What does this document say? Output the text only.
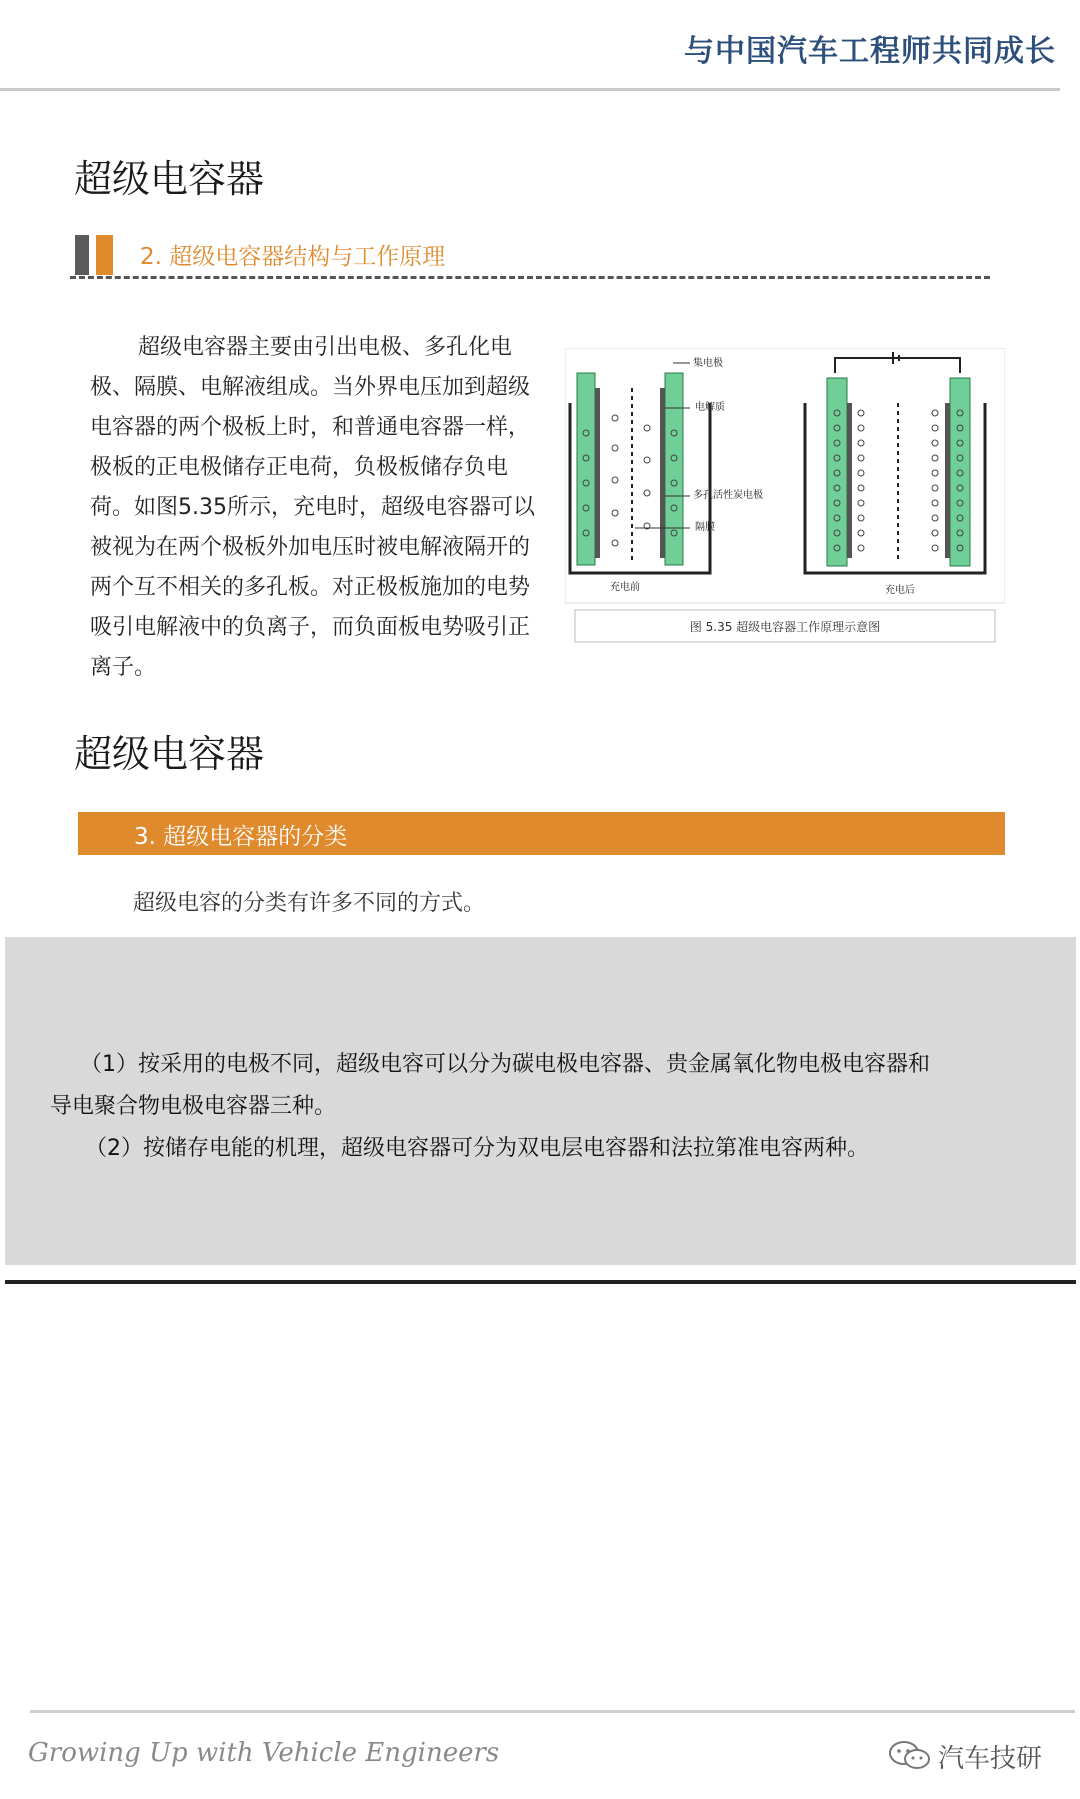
与中国汽车工程师共同成长
超级电容器
2. 超级电容器结构与工作原理
超级电容器主要由引出电极、多孔化电极、隔膜、电解液组成。当外界电压加到超级电容器的两个极板上时，和普通电容器一样，极板的正电极储存正电荷，负极板储存负电荷。如图5.35所示，充电时，超级电容器可以被视为在两个极板外加电压时被电解液隔开的两个互不相关的多孔板。对正极板施加的电势吸引电解液中的负离子，而负面板电势吸引正离子。
集电极
电解质
多孔活性炭电极
隔膜
充电前	充电后
图 5.35 超级电容器工作原理示意图
超级电容器
3. 超级电容器的分类
超级电容的分类有许多不同的方式。
（1）按采用的电极不同，超级电容可以分为碳电极电容器、贵金属氧化物电极电容器和
导电聚合物电极电容器三种。
（2）按储存电能的机理，超级电容器可分为双电层电容器和法拉第准电容两种。
Growing Up with Vehicle Engineers	汽车技研
